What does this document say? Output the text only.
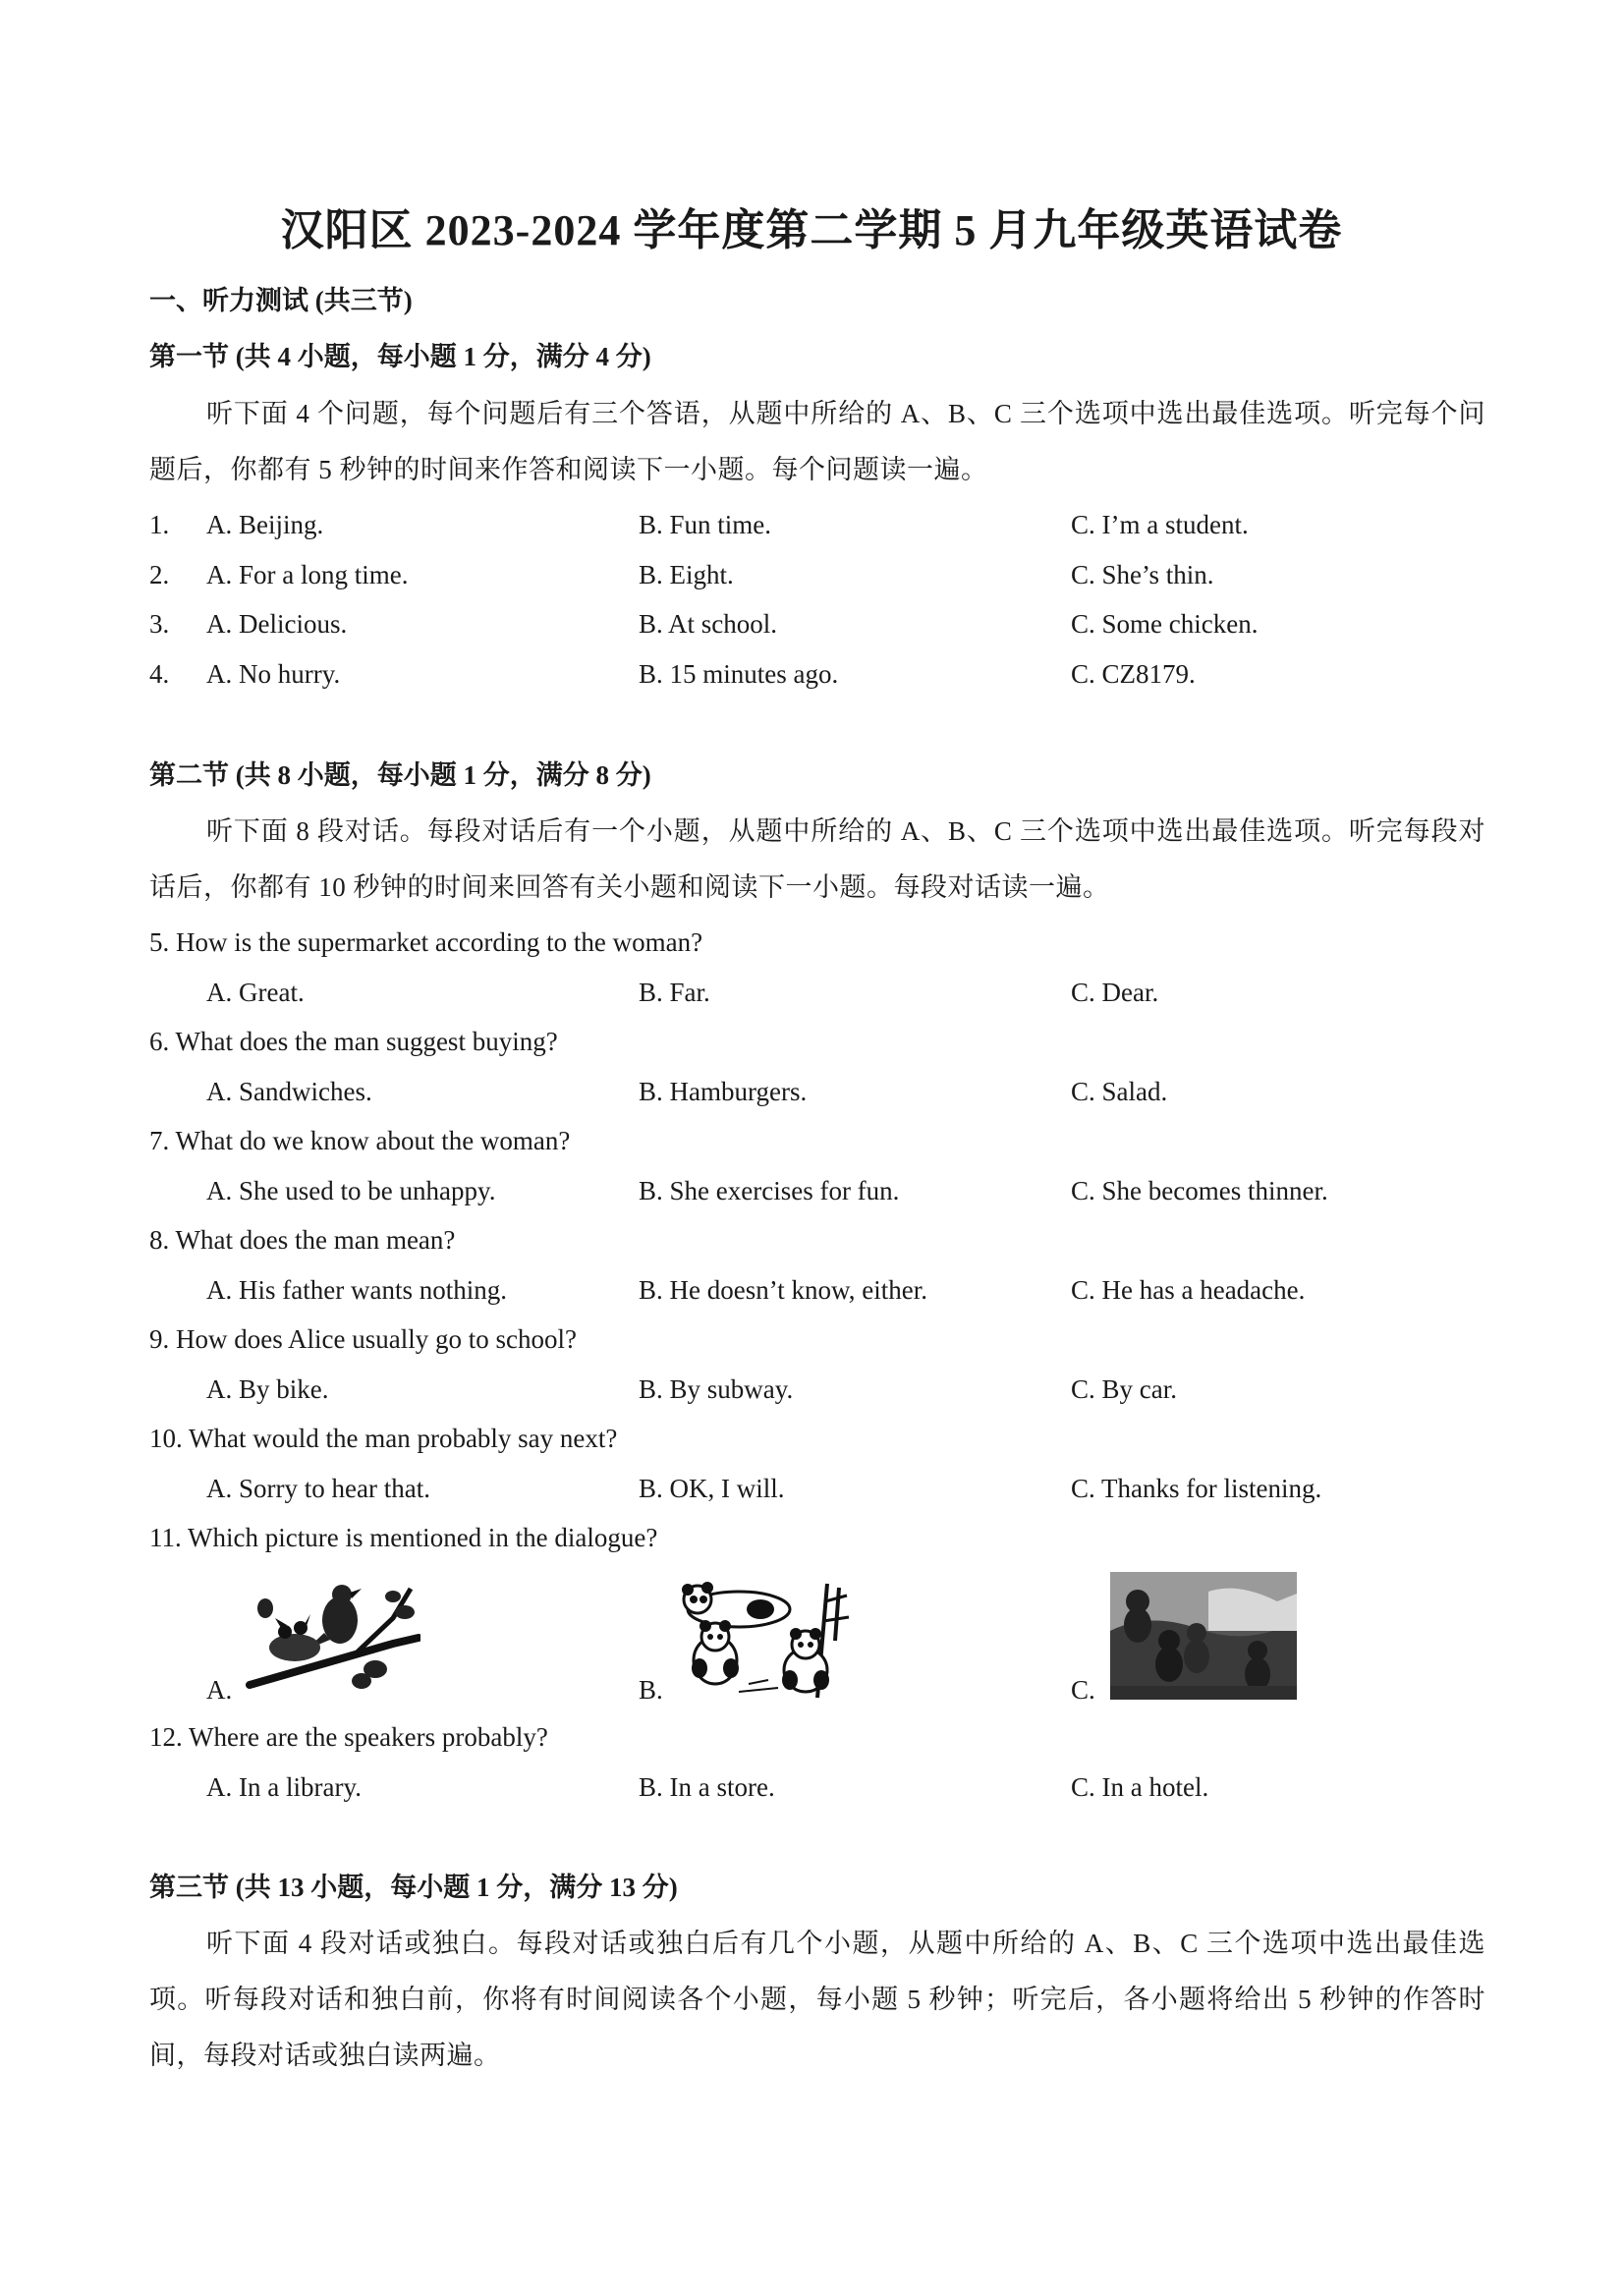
汉阳区 2023-2024 学年度第二学期 5 月九年级英语试卷
一、听力测试 (共三节)
第一节 (共 4 小题，每小题 1 分，满分 4 分)
听下面 4 个问题，每个问题后有三个答语，从题中所给的 A、B、C 三个选项中选出最佳选项。听完每个问题后，你都有 5 秒钟的时间来作答和阅读下一小题。每个问题读一遍。
1. A. Beijing.	B. Fun time.	C. I’m a student.
2. A. For a long time.	B. Eight.	C. She’s thin.
3. A. Delicious.	B. At school.	C. Some chicken.
4. A. No hurry.	B. 15 minutes ago.	C. CZ8179.
第二节 (共 8 小题，每小题 1 分，满分 8 分)
听下面 8 段对话。每段对话后有一个小题，从题中所给的 A、B、C 三个选项中选出最佳选项。听完每段对话后，你都有 10 秒钟的时间来回答有关小题和阅读下一小题。每段对话读一遍。
5. How is the supermarket according to the woman?
A. Great.	B. Far.	C. Dear.
6. What does the man suggest buying?
A. Sandwiches.	B. Hamburgers.	C. Salad.
7. What do we know about the woman?
A. She used to be unhappy.	B. She exercises for fun.	C. She becomes thinner.
8. What does the man mean?
A. His father wants nothing.	B. He doesn’t know, either.	C. He has a headache.
9. How does Alice usually go to school?
A. By bike.	B. By subway.	C. By car.
10. What would the man probably say next?
A. Sorry to hear that.	B. OK, I will.	C. Thanks for listening.
11. Which picture is mentioned in the dialogue?
A.	B.	C.
12. Where are the speakers probably?
A. In a library.	B. In a store.	C. In a hotel.
第三节 (共 13 小题，每小题 1 分，满分 13 分)
听下面 4 段对话或独白。每段对话或独白后有几个小题，从题中所给的 A、B、C 三个选项中选出最佳选项。听每段对话和独白前，你将有时间阅读各个小题，每小题 5 秒钟；听完后，各小题将给出 5 秒钟的作答时间，每段对话或独白读两遍。
